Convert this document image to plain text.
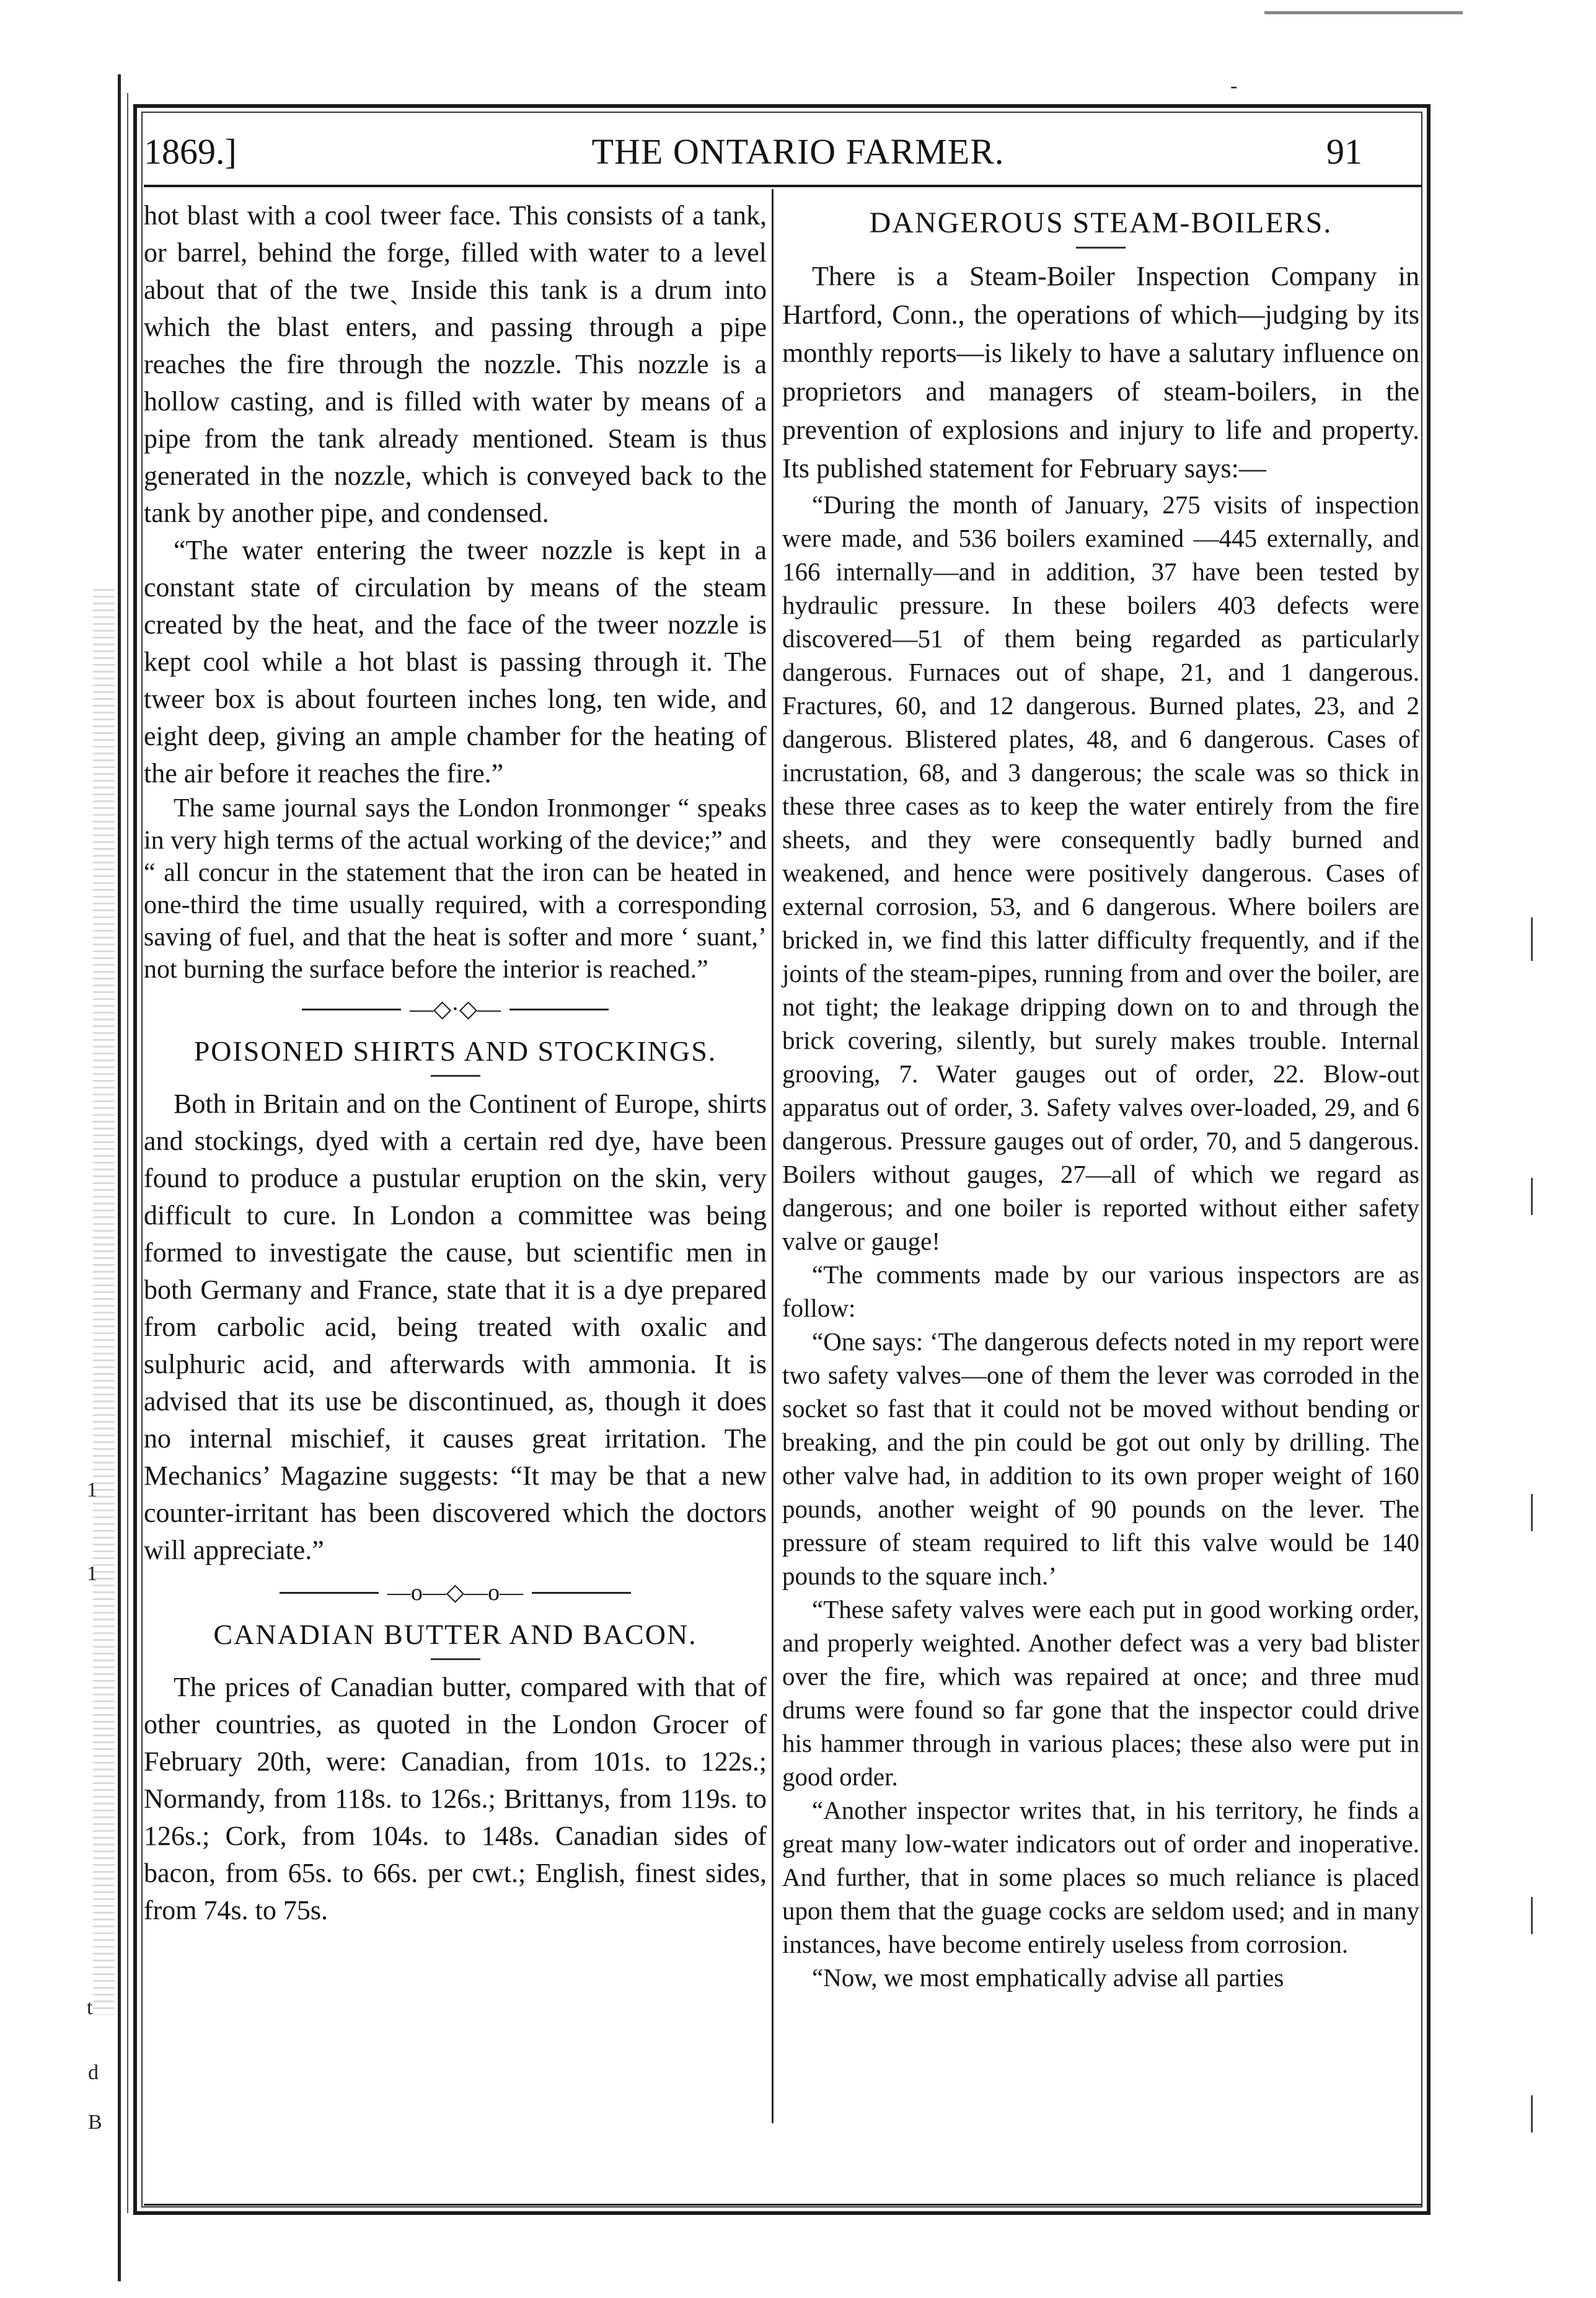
-
1
1
t
d
B
1869.]	THE ONTARIO FARMER.	91

hot blast with a cool tweer face. This consists of a tank, or barrel, behind the forge, filled with water to a level about that of the tweˎ Inside this tank is a drum into which the blast enters, and passing through a pipe reaches the fire through the nozzle. This nozzle is a hollow casting, and is filled with water by means of a pipe from the tank already mentioned. Steam is thus generated in the nozzle, which is conveyed back to the tank by another pipe, and condensed.

“The water entering the tweer nozzle is kept in a constant state of circulation by means of the steam created by the heat, and the face of the tweer nozzle is kept cool while a hot blast is passing through it. The tweer box is about fourteen inches long, ten wide, and eight deep, giving an ample chamber for the heating of the air before it reaches the fire.”

The same journal says the London Ironmonger “ speaks in very high terms of the actual working of the device;” and “ all concur in the statement that the iron can be heated in one-third the time usually required, with a corresponding saving of fuel, and that the heat is softer and more ‘ suant,’ not burning the surface before the interior is reached.”

—◇·◇—
POISONED SHIRTS AND STOCKINGS.

Both in Britain and on the Continent of Europe, shirts and stockings, dyed with a certain red dye, have been found to produce a pustular eruption on the skin, very difficult to cure. In London a committee was being formed to investigate the cause, but scientific men in both Germany and France, state that it is a dye prepared from carbolic acid, being treated with oxalic and sulphuric acid, and afterwards with ammonia. It is advised that its use be discontinued, as, though it does no internal mischief, it causes great irritation. The Mechanics’ Magazine suggests: “It may be that a new counter-irritant has been discovered which the doctors will appreciate.”

—o—◇—o—
CANADIAN BUTTER AND BACON.

The prices of Canadian butter, compared with that of other countries, as quoted in the London Grocer of February 20th, were: Canadian, from 101s. to 122s.; Normandy, from 118s. to 126s.; Brittanys, from 119s. to 126s.; Cork, from 104s. to 148s. Canadian sides of bacon, from 65s. to 66s. per cwt.; English, finest sides, from 74s. to 75s.

DANGEROUS STEAM-BOILERS.

There is a Steam-Boiler Inspection Company in Hartford, Conn., the operations of which—judging by its monthly reports—is likely to have a salutary influence on proprietors and managers of steam-boilers, in the prevention of explosions and injury to life and property. Its published statement for February says:—

“During the month of January, 275 visits of inspection were made, and 536 boilers examined —445 externally, and 166 internally—and in addition, 37 have been tested by hydraulic pressure. In these boilers 403 defects were discovered—51 of them being regarded as particularly dangerous. Furnaces out of shape, 21, and 1 dangerous. Fractures, 60, and 12 dangerous. Burned plates, 23, and 2 dangerous. Blistered plates, 48, and 6 dangerous. Cases of incrustation, 68, and 3 dangerous; the scale was so thick in these three cases as to keep the water entirely from the fire sheets, and they were consequently badly burned and weakened, and hence were positively dangerous. Cases of external corrosion, 53, and 6 dangerous. Where boilers are bricked in, we find this latter difficulty frequently, and if the joints of the steam-pipes, running from and over the boiler, are not tight; the leakage dripping down on to and through the brick covering, silently, but surely makes trouble. Internal grooving, 7. Water gauges out of order, 22. Blow-out apparatus out of order, 3. Safety valves over-loaded, 29, and 6 dangerous. Pressure gauges out of order, 70, and 5 dangerous. Boilers without gauges, 27—all of which we regard as dangerous; and one boiler is reported without either safety valve or gauge!

“The comments made by our various inspectors are as follow:

“One says: ‘The dangerous defects noted in my report were two safety valves—one of them the lever was corroded in the socket so fast that it could not be moved without bending or breaking, and the pin could be got out only by drilling. The other valve had, in addition to its own proper weight of 160 pounds, another weight of 90 pounds on the lever. The pressure of steam required to lift this valve would be 140 pounds to the square inch.’

“These safety valves were each put in good working order, and properly weighted. Another defect was a very bad blister over the fire, which was repaired at once; and three mud drums were found so far gone that the inspector could drive his hammer through in various places; these also were put in good order.

“Another inspector writes that, in his territory, he finds a great many low-water indicators out of order and inoperative. And further, that in some places so much reliance is placed upon them that the guage cocks are seldom used; and in many instances, have become entirely useless from corrosion.

“Now, we most emphatically advise all parties
